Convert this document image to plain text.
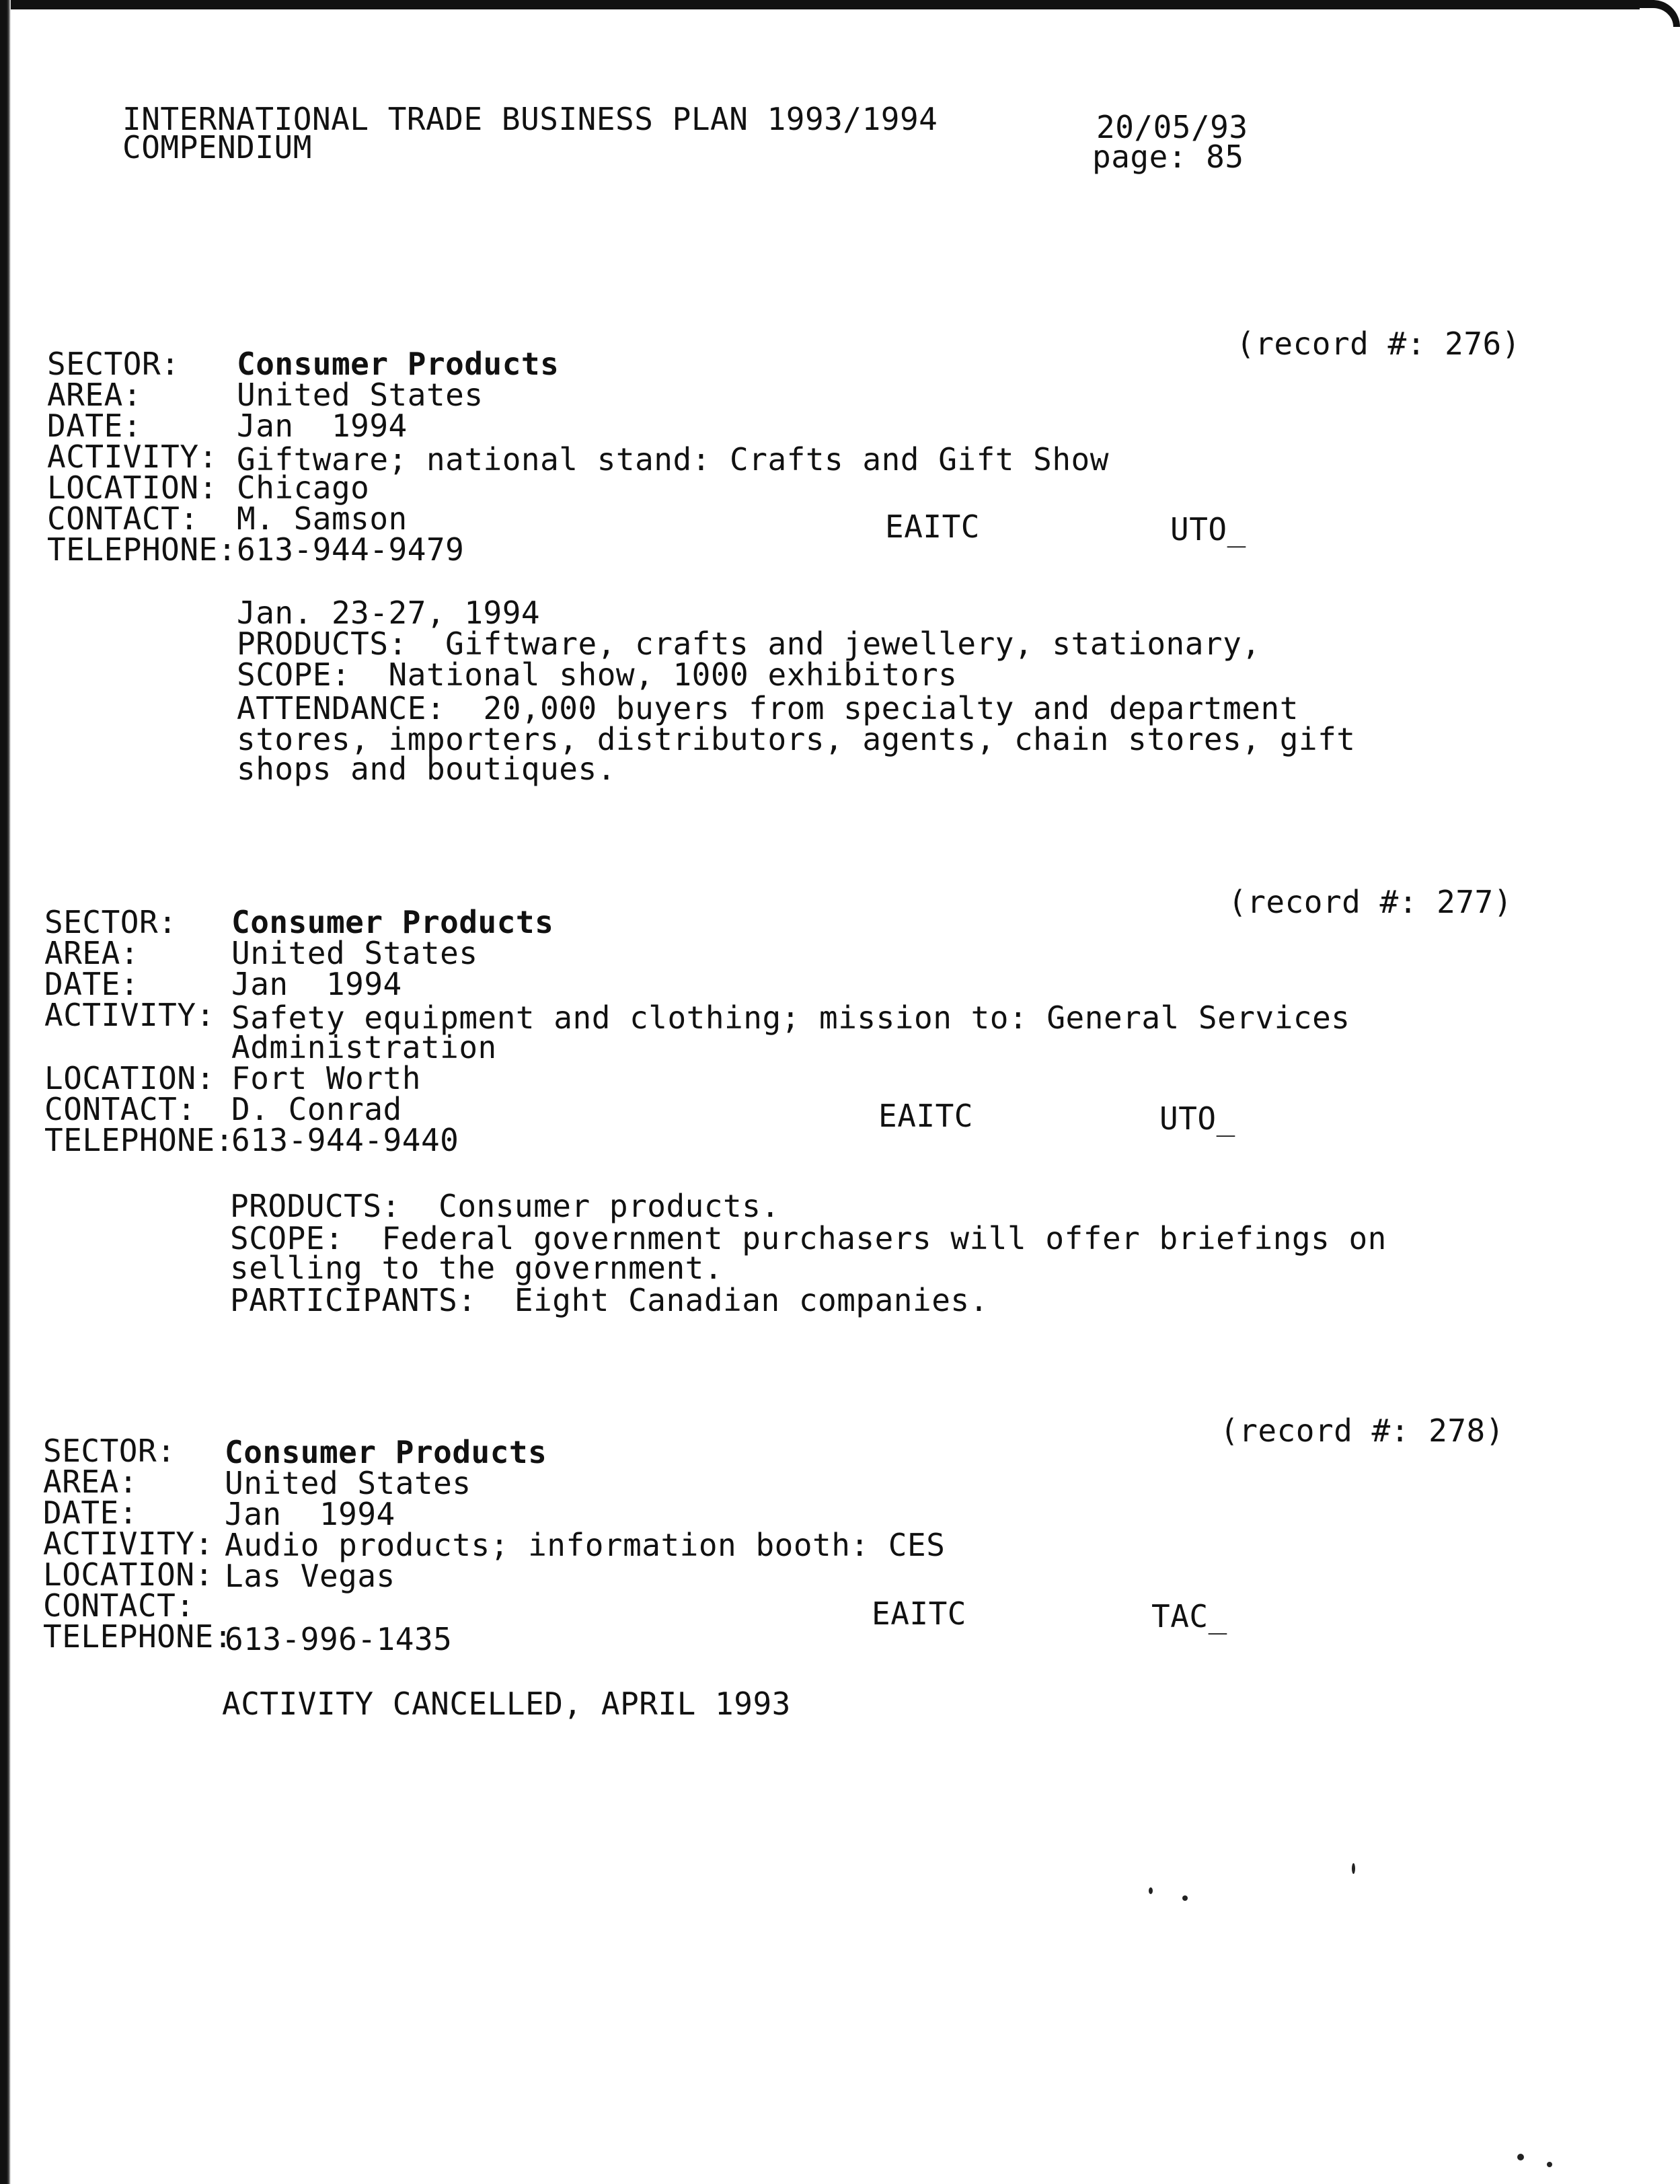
INTERNATIONAL TRADE BUSINESS PLAN 1993/1994
COMPENDIUM
20/05/93
page: 85
(record #: 276)
SECTOR: Consumer Products
AREA:	United States
DATE:	Jan  1994
ACTIVITY: Giftware; national stand: Crafts and Gift Show
LOCATION: Chicago
CONTACT: M. Samson	EAITC	UTO_
TELEPHONE: 613-944-9479
Jan. 23-27, 1994
PRODUCTS:  Giftware, crafts and jewellery, stationary,
SCOPE:  National show, 1000 exhibitors
ATTENDANCE:  20,000 buyers from specialty and department
stores, importers, distributors, agents, chain stores, gift
shops and boutiques.
(record #: 277)
SECTOR: Consumer Products
AREA:	United States
DATE:	Jan  1994
ACTIVITY: Safety equipment and clothing; mission to: General Services
Administration
LOCATION: Fort Worth
CONTACT: D. Conrad	EAITC	UTO_
TELEPHONE:
613-944-9440
PRODUCTS:  Consumer products.
SCOPE:  Federal government purchasers will offer briefings on
selling to the government.
PARTICIPANTS:  Eight Canadian companies.
(record #: 278)
SECTOR: Consumer Products
AREA:	United States
DATE:	Jan  1994
ACTIVITY: Audio products; information booth: CES
LOCATION: Las Vegas
CONTACT:	EAITC	TAC_
TELEPHONE:
613-996-1435
ACTIVITY CANCELLED, APRIL 1993
